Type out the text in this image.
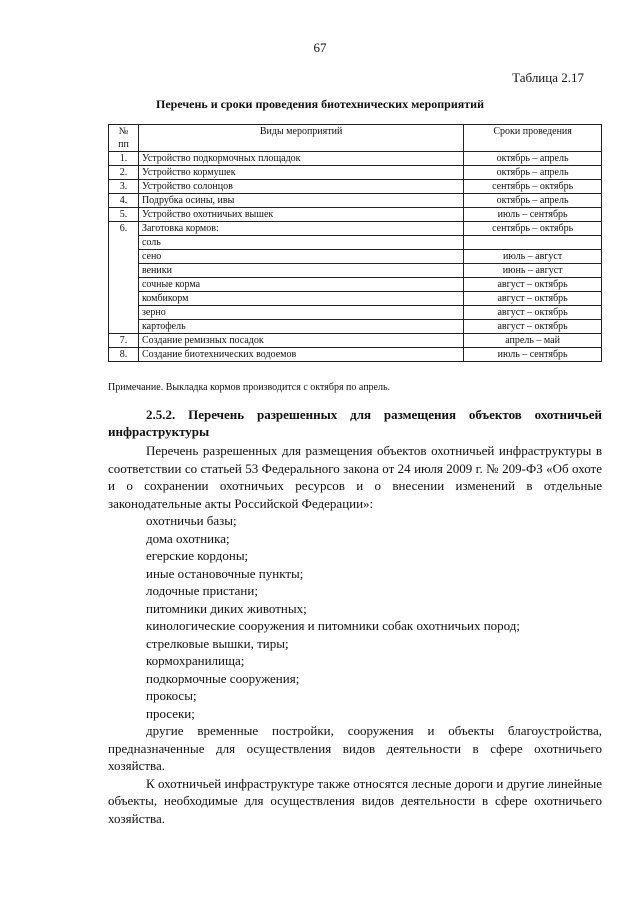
67
Таблица 2.17
Перечень и сроки проведения биотехнических мероприятий
№
пп	Виды мероприятий	Сроки проведения
1.	Устройство подкормочных площадок	октябрь – апрель
2.	Устройство кормушек	октябрь – апрель
3.	Устройство солонцов	сентябрь – октябрь
4.	Подрубка осины, ивы	октябрь – апрель
5.	Устройство охотничьих вышек	июль – сентябрь
6.	Заготовка кормов:	сентябрь – октябрь
	соль	
	сено	июль – август
	веники	июнь – август
	сочные корма	август – октябрь
	комбикорм	август – октябрь
	зерно	август – октябрь
	картофель	август – октябрь
7.	Создание ремизных посадок	апрель – май
8.	Создание биотехнических водоемов	июль – сентябрь
Примечание. Выкладка кормов производится с октября по апрель.
2.5.2. Перечень разрешенных для размещения объектов охотничьей инфраструктуры

Перечень разрешенных для размещения объектов охотничьей инфраструктуры в соответствии со статьей 53 Федерального закона от 24 июля 2009 г. № 209-ФЗ «Об охоте и о сохранении охотничьих ресурсов и о внесении изменений в отдельные законодательные акты Российской Федерации»:

охотничьи базы;
дома охотника;
егерские кордоны;
иные остановочные пункты;
лодочные пристани;
питомники диких животных;
кинологические сооружения и питомники собак охотничьих пород;
стрелковые вышки, тиры;
кормохранилища;
подкормочные сооружения;
прокосы;
просеки;

другие временные постройки, сооружения и объекты благоустройства, предназначенные для осуществления видов деятельности в сфере охотничьего хозяйства.

К охотничьей инфраструктуре также относятся лесные дороги и другие линейные объекты, необходимые для осуществления видов деятельности в сфере охотничьего хозяйства.
